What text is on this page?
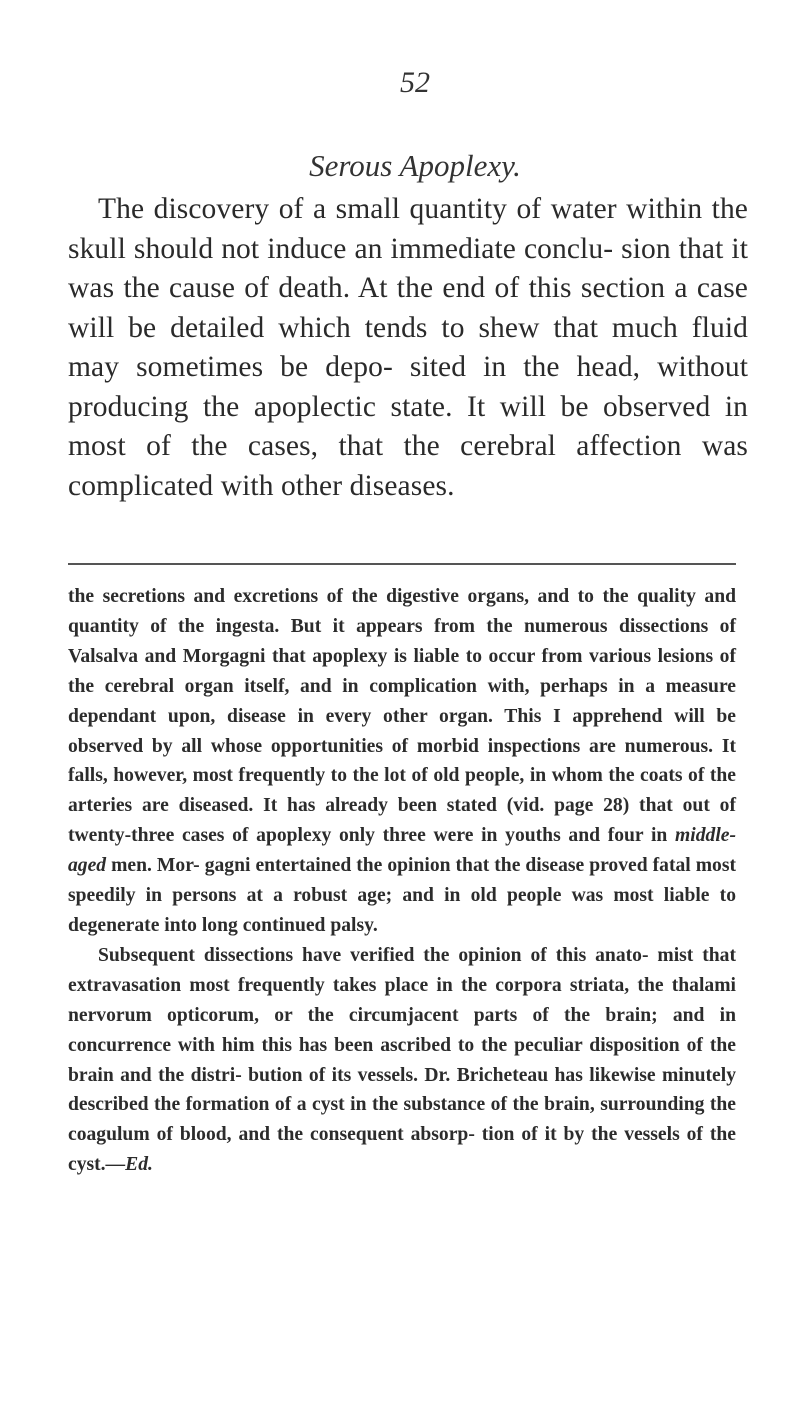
52
Serous Apoplexy.

The discovery of a small quantity of water within the skull should not induce an immediate conclu- sion that it was the cause of death. At the end of this section a case will be detailed which tends to shew that much fluid may sometimes be depo- sited in the head, without producing the apoplectic state. It will be observed in most of the cases, that the cerebral affection was complicated with other diseases.

the secretions and excretions of the digestive organs, and to the quality and quantity of the ingesta. But it appears from the numerous dissections of Valsalva and Morgagni that apoplexy is liable to occur from various lesions of the cerebral organ itself, and in complication with, perhaps in a measure dependant upon, disease in every other organ. This I apprehend will be observed by all whose opportunities of morbid inspections are numerous. It falls, however, most frequently to the lot of old people, in whom the coats of the arteries are diseased. It has already been stated (vid. page 28) that out of twenty-three cases of apoplexy only three were in youths and four in middle-aged men. Mor- gagni entertained the opinion that the disease proved fatal most speedily in persons at a robust age; and in old people was most liable to degenerate into long continued palsy.

Subsequent dissections have verified the opinion of this anato- mist that extravasation most frequently takes place in the corpora striata, the thalami nervorum opticorum, or the circumjacent parts of the brain; and in concurrence with him this has been ascribed to the peculiar disposition of the brain and the distri- bution of its vessels. Dr. Bricheteau has likewise minutely described the formation of a cyst in the substance of the brain, surrounding the coagulum of blood, and the consequent absorp- tion of it by the vessels of the cyst.—Ed.
